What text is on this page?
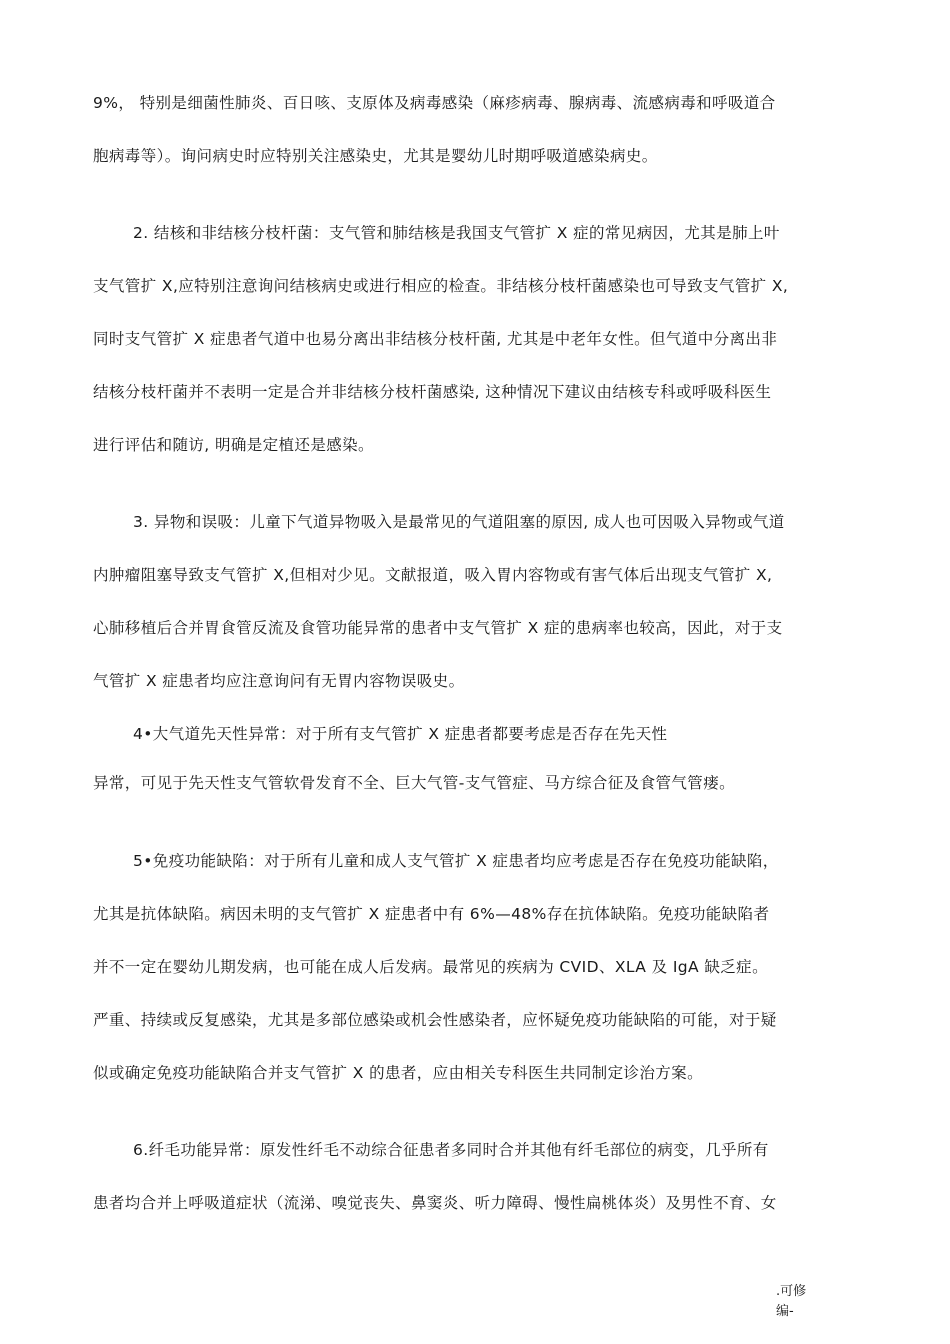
9%， 特别是细菌性肺炎、百日咳、支原体及病毒感染（麻疹病毒、腺病毒、流感病毒和呼吸道合
胞病毒等）。询问病史时应特别关注感染史，尤其是婴幼儿时期呼吸道感染病史。
2. 结核和非结核分枝杆菌：支气管和肺结核是我国支气管扩 X 症的常见病因，尤其是肺上叶
支气管扩 X,应特别注意询问结核病史或进行相应的检查。非结核分枝杆菌感染也可导致支气管扩 X,
同时支气管扩 X 症患者气道中也易分离出非结核分枝杆菌, 尤其是中老年女性。但气道中分离出非
结核分枝杆菌并不表明一定是合并非结核分枝杆菌感染, 这种情况下建议由结核专科或呼吸科医生
进行评估和随访, 明确是定植还是感染。
3. 异物和误吸：儿童下气道异物吸入是最常见的气道阻塞的原因, 成人也可因吸入异物或气道
内肿瘤阻塞导致支气管扩 X,但相对少见。文献报道，吸入胃内容物或有害气体后出现支气管扩 X,
心肺移植后合并胃食管反流及食管功能异常的患者中支气管扩 X 症的患病率也较高，因此，对于支
气管扩 X 症患者均应注意询问有无胃内容物误吸史。
4•大气道先天性异常：对于所有支气管扩 X 症患者都要考虑是否存在先天性
异常，可见于先天性支气管软骨发育不全、巨大气管-支气管症、马方综合征及食管气管瘘。
5•免疫功能缺陷：对于所有儿童和成人支气管扩 X 症患者均应考虑是否存在免疫功能缺陷，
尤其是抗体缺陷。病因未明的支气管扩 X 症患者中有 6%—48%存在抗体缺陷。免疫功能缺陷者
并不一定在婴幼儿期发病，也可能在成人后发病。最常见的疾病为 CVID、XLA 及 IgA 缺乏症。
严重、持续或反复感染，尤其是多部位感染或机会性感染者，应怀疑免疫功能缺陷的可能，对于疑
似或确定免疫功能缺陷合并支气管扩 X 的患者，应由相关专科医生共同制定诊治方案。
6.纤毛功能异常：原发性纤毛不动综合征患者多同时合并其他有纤毛部位的病变，几乎所有
患者均合并上呼吸道症状（流涕、嗅觉丧失、鼻窦炎、听力障碍、慢性扁桃体炎）及男性不育、女
.可修
编-
